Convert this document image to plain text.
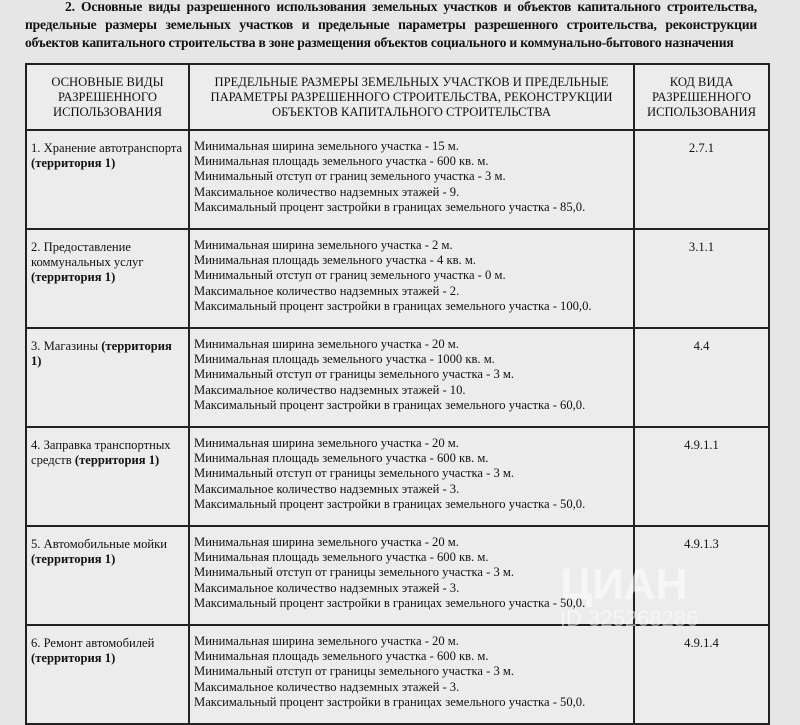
2. Основные виды разрешенного использования земельных участков и объектов капитального строительства, предельные размеры земельных участков и предельные параметры разрешенного строительства, реконструкции объектов капитального строительства в зоне размещения объектов социального и коммунально-бытового назначения

ОСНОВНЫЕ ВИДЫ РАЗРЕШЕННОГО ИСПОЛЬЗОВАНИЯ	ПРЕДЕЛЬНЫЕ РАЗМЕРЫ ЗЕМЕЛЬНЫХ УЧАСТКОВ И ПРЕДЕЛЬНЫЕ ПАРАМЕТРЫ РАЗРЕШЕННОГО СТРОИТЕЛЬСТВА, РЕКОНСТРУКЦИИ ОБЪЕКТОВ КАПИТАЛЬНОГО СТРОИТЕЛЬСТВА	КОД ВИДА РАЗРЕШЕННОГО ИСПОЛЬЗОВАНИЯ
1. Хранение автотранспорта (территория 1)	Минимальная ширина земельного участка - 15 м.
Минимальная площадь земельного участка - 600 кв. м.
Минимальный отступ от границ земельного участка - 3 м.
Максимальное количество надземных этажей - 9.
Максимальный процент застройки в границах земельного участка - 85,0.	2.7.1
2. Предоставление коммунальных услуг (территория 1)	Минимальная ширина земельного участка - 2 м.
Минимальная площадь земельного участка - 4 кв. м.
Минимальный отступ от границ земельного участка - 0 м.
Максимальное количество надземных этажей - 2.
Максимальный процент застройки в границах земельного участка - 100,0.	3.1.1
3. Магазины (территория 1)	Минимальная ширина земельного участка - 20 м.
Минимальная площадь земельного участка - 1000 кв. м.
Минимальный отступ от границы земельного участка - 3 м.
Максимальное количество надземных этажей - 10.
Максимальный процент застройки в границах земельного участка - 60,0.	4.4
4. Заправка транспортных средств (территория 1)	Минимальная ширина земельного участка - 20 м.
Минимальная площадь земельного участка - 600 кв. м.
Минимальный отступ от границы земельного участка - 3 м.
Максимальное количество надземных этажей - 3.
Максимальный процент застройки в границах земельного участка - 50,0.	4.9.1.1
5. Автомобильные мойки (территория 1)	Минимальная ширина земельного участка - 20 м.
Минимальная площадь земельного участка - 600 кв. м.
Минимальный отступ от границы земельного участка - 3 м.
Максимальное количество надземных этажей - 3.
Максимальный процент застройки в границах земельного участка - 50,0.	4.9.1.3
6. Ремонт автомобилей (территория 1)	Минимальная ширина земельного участка - 20 м.
Минимальная площадь земельного участка - 600 кв. м.
Минимальный отступ от границы земельного участка - 3 м.
Максимальное количество надземных этажей - 3.
Максимальный процент застройки в границах земельного участка - 50,0.	4.9.1.4
ЦИАН
ID 325268286
